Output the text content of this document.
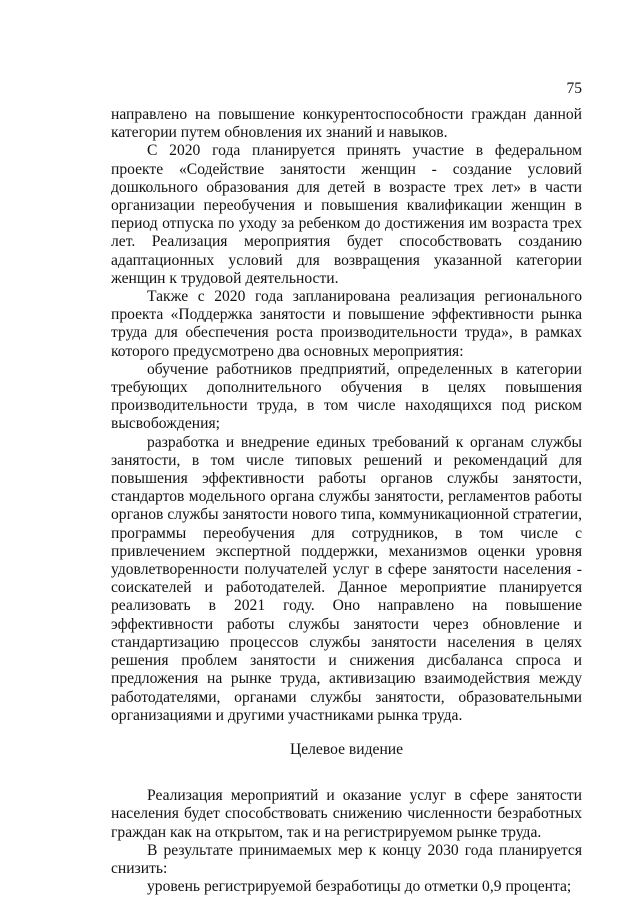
75

направлено на повышение конкурентоспособности граждан данной категории путем обновления их знаний и навыков.

С 2020 года планируется принять участие в федеральном проекте «Содействие занятости женщин - создание условий дошкольного образования для детей в возрасте трех лет» в части организации переобучения и повышения квалификации женщин в период отпуска по уходу за ребенком до достижения им возраста трех лет. Реализация мероприятия будет способствовать созданию адаптационных условий для возвращения указанной категории женщин к трудовой деятельности.

Также с 2020 года запланирована реализация регионального проекта «Поддержка занятости и повышение эффективности рынка труда для обеспечения роста производительности труда», в рамках которого предусмотрено два основных мероприятия:

обучение работников предприятий, определенных в категории требующих дополнительного обучения в целях повышения производительности труда, в том числе находящихся под риском высвобождения;

разработка и внедрение единых требований к органам службы занятости, в том числе типовых решений и рекомендаций для повышения эффективности работы органов службы занятости, стандартов модельного органа службы занятости, регламентов работы органов службы занятости нового типа, коммуникационной стратегии, программы переобучения для сотрудников, в том числе с привлечением экспертной поддержки, механизмов оценки уровня удовлетворенности получателей услуг в сфере занятости населения - соискателей и работодателей. Данное мероприятие планируется реализовать в 2021 году. Оно направлено на повышение эффективности работы службы занятости через обновление и стандартизацию процессов службы занятости населения в целях решения проблем занятости и снижения дисбаланса спроса и предложения на рынке труда, активизацию взаимодействия между работодателями, органами службы занятости, образовательными организациями и другими участниками рынка труда.

Целевое видение

Реализация мероприятий и оказание услуг в сфере занятости населения будет способствовать снижению численности безработных граждан как на открытом, так и на регистрируемом рынке труда.

В результате принимаемых мер к концу 2030 года планируется снизить:

уровень регистрируемой безработицы до отметки 0,9 процента;
